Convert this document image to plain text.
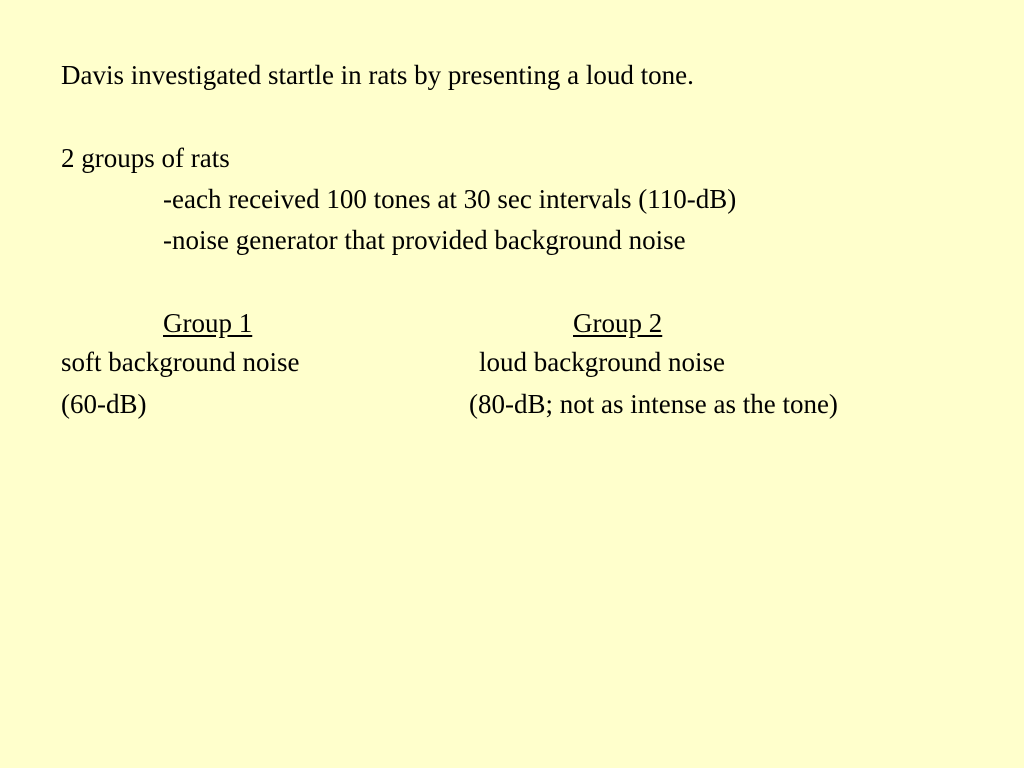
Davis investigated startle in rats by presenting a loud tone.
2 groups of rats
-each received 100 tones at 30 sec intervals (110-dB)
-noise generator that provided background noise
Group 1	Group 2
soft background noise	loud background noise
(60-dB)	(80-dB; not as intense as the tone)
